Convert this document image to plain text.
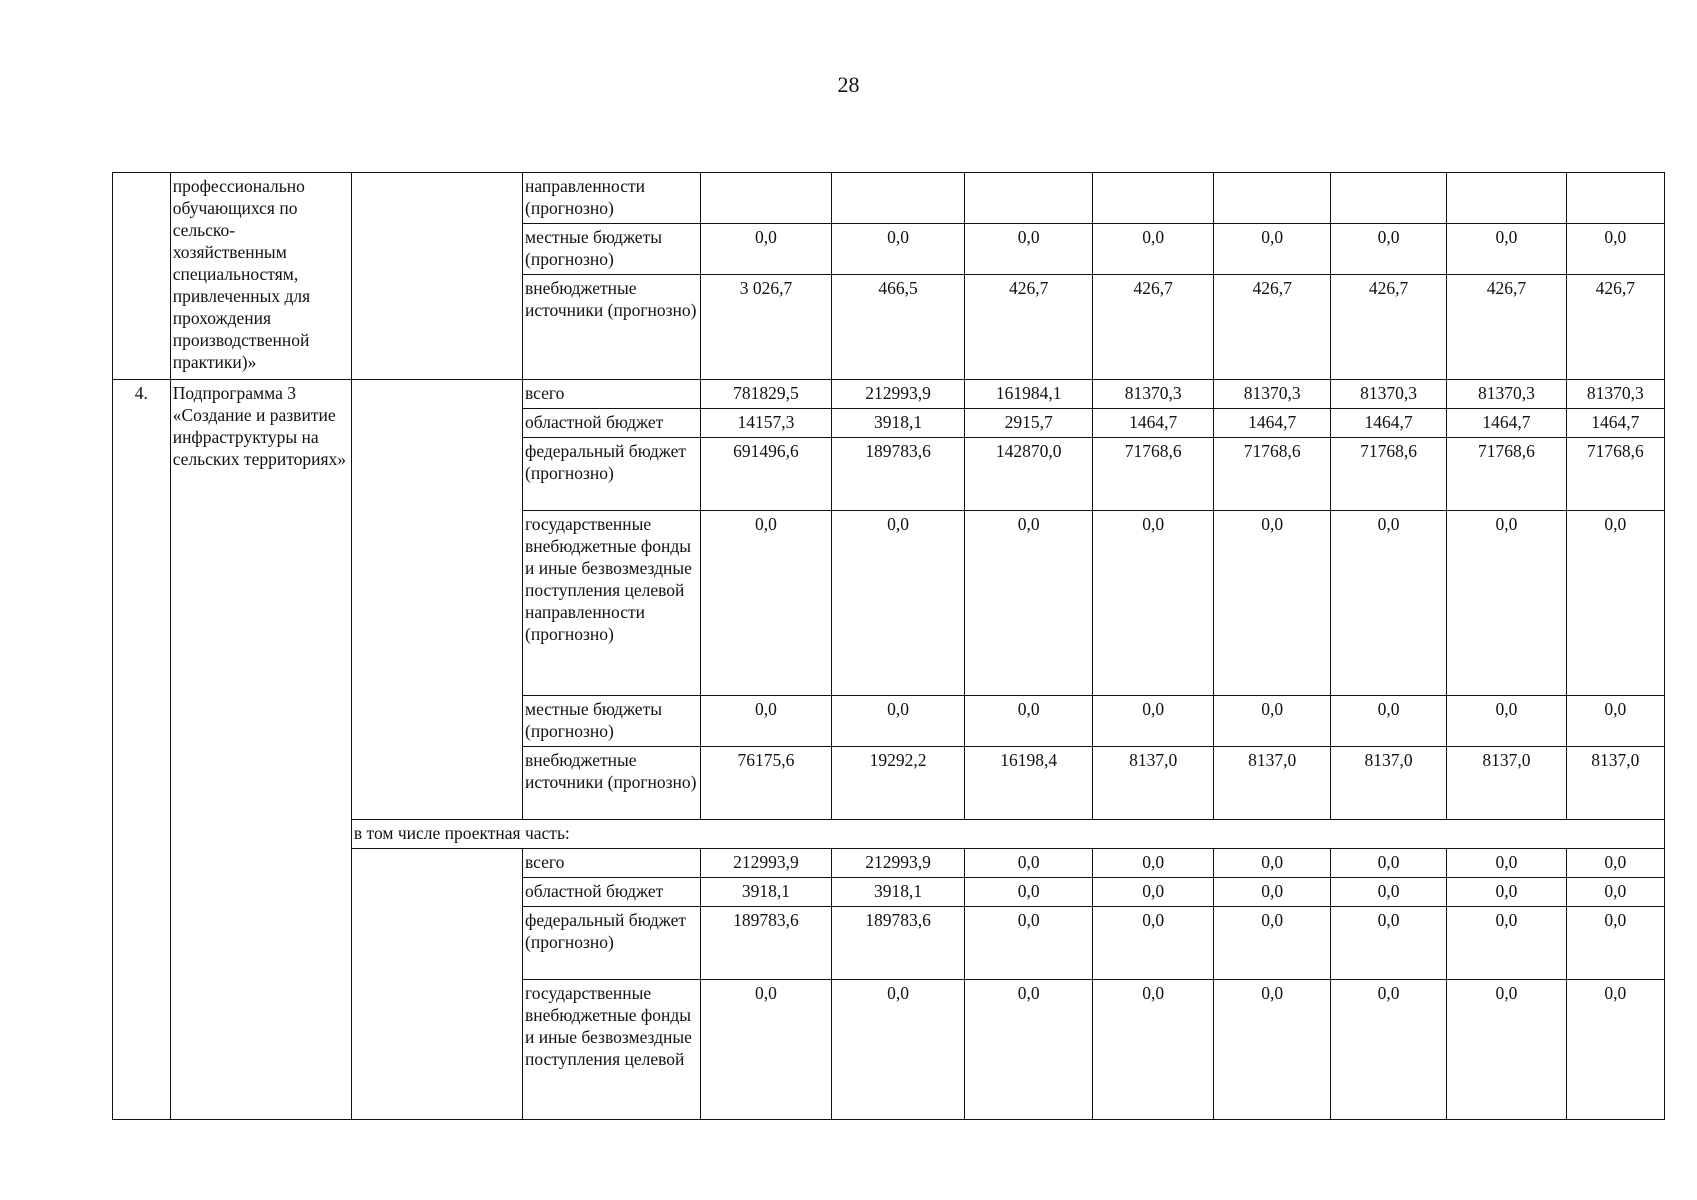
28
	профессионально обучающихся по сельско-хозяйственным специальностям, привлеченных для прохождения производственной практики)»		направленности (прогнозно)								
			местные бюджеты (прогнозно)	0,0	0,0	0,0	0,0	0,0	0,0	0,0	0,0
			внебюджетные источники (прогнозно)	3 026,7	466,5	426,7	426,7	426,7	426,7	426,7	426,7
4.	Подпрограмма 3 «Создание и развитие инфраструктуры на сельских территориях»		всего	781829,5	212993,9	161984,1	81370,3	81370,3	81370,3	81370,3	81370,3
			областной бюджет	14157,3	3918,1	2915,7	1464,7	1464,7	1464,7	1464,7	1464,7
			федеральный бюджет (прогнозно)	691496,6	189783,6	142870,0	71768,6	71768,6	71768,6	71768,6	71768,6
			государственные внебюджетные фонды и иные безвозмездные поступления целевой направленности (прогнозно)	0,0	0,0	0,0	0,0	0,0	0,0	0,0	0,0
			местные бюджеты (прогнозно)	0,0	0,0	0,0	0,0	0,0	0,0	0,0	0,0
			внебюджетные источники (прогнозно)	76175,6	19292,2	16198,4	8137,0	8137,0	8137,0	8137,0	8137,0
		в том числе проектная часть:									
			всего	212993,9	212993,9	0,0	0,0	0,0	0,0	0,0	0,0
			областной бюджет	3918,1	3918,1	0,0	0,0	0,0	0,0	0,0	0,0
			федеральный бюджет (прогнозно)	189783,6	189783,6	0,0	0,0	0,0	0,0	0,0	0,0
			государственные внебюджетные фонды и иные безвозмездные поступления целевой	0,0	0,0	0,0	0,0	0,0	0,0	0,0	0,0
